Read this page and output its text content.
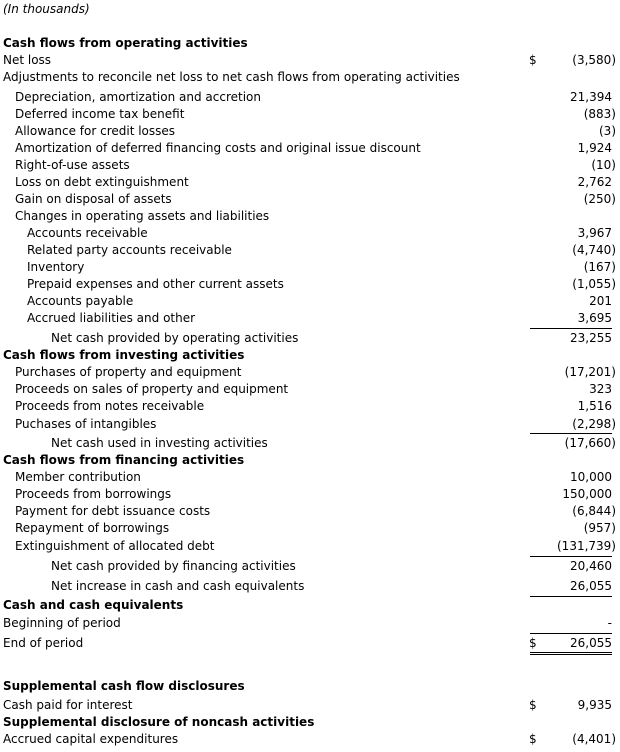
(In thousands)
Cash flows from operating activities
Net loss	$	(3,580)
Adjustments to reconcile net loss to net cash flows from operating activities
Depreciation, amortization and accretion	21,394
Deferred income tax benefit	(883)
Allowance for credit losses	(3)
Amortization of deferred financing costs and original issue discount	1,924
Right-of-use assets	(10)
Loss on debt extinguishment	2,762
Gain on disposal of assets	(250)
Changes in operating assets and liabilities
Accounts receivable	3,967
Related party accounts receivable	(4,740)
Inventory	(167)
Prepaid expenses and other current assets	(1,055)
Accounts payable	201
Accrued liabilities and other	3,695
Net cash provided by operating activities	23,255
Cash flows from investing activities
Purchases of property and equipment	(17,201)
Proceeds on sales of property and equipment	323
Proceeds from notes receivable	1,516
Puchases of intangibles	(2,298)
Net cash used in investing activities	(17,660)
Cash flows from financing activities
Member contribution	10,000
Proceeds from borrowings	150,000
Payment for debt issuance costs	(6,844)
Repayment of borrowings	(957)
Extinguishment of allocated debt	(131,739)
Net cash provided by financing activities	20,460
Net increase in cash and cash equivalents	26,055
Cash and cash equivalents
Beginning of period	-
End of period	$	26,055
Supplemental cash flow disclosures
Cash paid for interest	$	9,935
Supplemental disclosure of noncash activities
Accrued capital expenditures	$	(4,401)
